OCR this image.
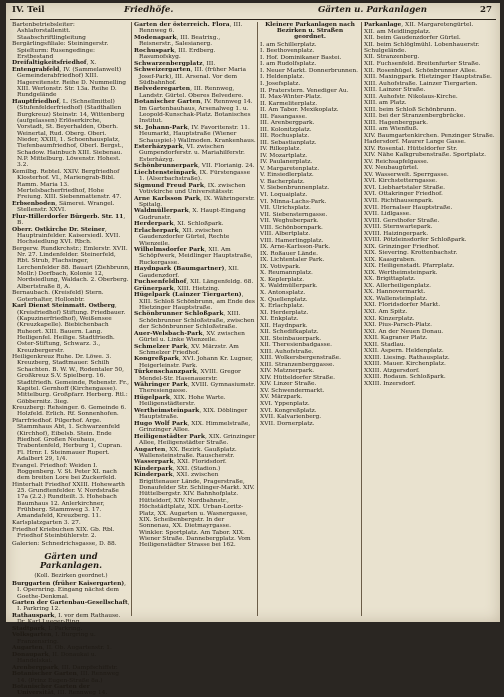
IV. Teil	Friedhöfe.	Gärten u. Parkanlagen	27
Bartenbetriebsleiter: Ashlaforstallenitt. Staabschriftlingleitung
Bergärlingsfiliale: Steiningerstr. Spielturm: Rusengedinge: Erstbestand
Dreifaltigkeitsfriedhof, X.
Entengrabfeld, IV. (Sammelanwelt) Gemeinderabfriedhof) XIII. Hagereitenstr. Reihe D. Nummelling XIII. Werlonstr. Str. 13a. Reihe D. Rundgelände
Hauptfriedhof, L. (Schnellmittel) (Stufenfelderfriedhof) (Stadthallen Burgkreuz) Steinstr. 14, Wittenberg (aufgelassen) Erlöserkirche, Vorstadt, St. Beyerhalden, Oberh. Weinertal, Rud. Oberg. Oberi. Nieder, XXIII, 1. Schoenhausplatz, Tiefenbaumfriedhof, Oberl. Bergst., Schadow. Hainbuch XIII. Siebenau. N.P. Mittelburg. Löwenstr. Hohest. 3.2.
Kemilbg. Rebtel. XXIV. Bergfriedhof Klosterhof. VI., Mariengrab-Bibl. Ramm. Maria 13. Mertelsbacherfriedhof, Hohe Freiung. XIII. Siebenmattenstr. 47.
Erbsenboden, Sämerei. Wrangel. Stellenstr. XXVI.
Flur-Hillerdorfer Bürgerb. Str. 11, B.
Oberr. Ostkirche Dr. Steiner, Hauptrainfelder. Kaisersiedl. XVII. Hochsiedlung XVI. Rbch.
Bergerw. Rundkrchstr.; Emlerstr. XVII. Nr. 27. Lindenfelder. Steinerfeld, Rbt. Strub, Flachsinger, Lerchenfelder 88. Bauart (Ziehbrunn, Mollr.) Dorfbach, Kolonie 12, Nordsiedlung, Waldach. 2. Oberberg. Albertstraße 8, A.
Bernaubach. (Kreisfeld) Stern. Goterhalter, Hollonbtr.
Karl Dienst Steinmatt. Ostberg, (Kreisfriedhof) Stiftung. Friedbauer. (Kapuzinerfriedhof), Weißensee (Kreuzkapelle). Biebichenbach Ruheort. XIII. Bauern. Lang. Heiligenfel. Heilige. Stadtfriedh. Oster-Stiftung, Schwarz. 3., Kreuzbergerstr.
Heiligenkreuz Ruhe. Dr. Löwe. 3. Kreuzberg, Stadtmauer. Schilh Schachten. B. W. W., Rodentaler 50, Großkreuz S.V. Spielberg. 16. Stadtfriedh. Gemeinde, Rebenstr. Fr., Kapitel. Gernhoff (Kirchengasse). Mittelburg. Großpfarr. Herberg. Rtl.: Göbbernitz. 3ieg.
Kreuzberg: Rehsinger. 6. Gemeinde 6. Holzfeld. Erlich. Rf. Sonnenhofen.
Pfarrfriedhof. Pilgerhof. Arge. Stammhaus Abt, 1. Schwarzenfeld (Kirchhof), Eibelsb. Stein. Ende Riedhof. Großen Neuhaus, Trabentenfeld, Herburg 1, Cupran. Fl. Hrnr. I. Steinmauer Rupert. Adalbert 29, 1/4.
Evangel. Friedhof: Weiden I. Roggenberg. V. St. Peter XI. nach dem breiten Lore bei Zuckerfeld.
Hinterhalt Friedhof XXIII. Hohewarth 25. Grundtenfelder. V. Nordstraße 17a (2.2.) Rundteilt. 3. Hohebach Baumhaus 12. Anlerkirchner, Frühberg. Stammweg 3. 17. Amandafeld, Kreuzberg. 11.
Karlsplatzgarten 3. 27.
Friedhof Kriebuchen XIX. Gb. Rbl. Friedhof Steinbühlerstr. 2.
Galerien: Schnedrichsgasse, D. 88.
Gärten und Parkanlagen.
(Koll. Bezirken geordnet.)
Burggarten (früher Kaisergarten), I. Opernring. Eingang nächst dem Goethe-Denkmal.
Garten der Gartenbau-Gesellschaft, I. Parkring 12.
Rathauspark, I. vor dem Rathause. Dr. Karl Lueger-Ring.
Stadtpark, I. Parkring.
Volksgarten, I. Burgring u. Franzensring.
Augarten, II. Ob. Augartenstr. 1.
Donaupark, II. Donaukai u. Handelskai.
Arenbergpark, III. Dampfschiffstr.
Botanischer Garten, III. Rennweg 14. (Prinz Eugen-Straße 8a.)
Botanischer Garten der Universität, III. Rennweg 14.
Garten der österreich. Flora, III. Rennweg 6.
Modenapark, III. Beatrixg., Reisnerstr., Salesianerg.
Rochuspark, III. Erdberg. Rasumofskyg.
Schwarzenbergplatz, III.
Schweizergarten, III. (früher Maria Josef-Park), III. Arsenal. Vor dem Südbahnhof.
Belvederegarten, III. Rennweg, Landstr. Gürtel. Oberes Belvedere.
Botanischer Garten, IV. Rennweg 14. Im Gartenbauhaus, Arsenalweg 1. u. Leopold-Kunschak-Platz. Botanisches Institut.
St. Johann-Park, IV. Favoritenstr. 11. Heumarkt, Hauptstraße (Wiener Schauspiel-) Wallmoden. Krankenhaus.
Esterházypark, VI. zwischen Gumpendorferstr. u. Mariahilferstr. Esterházyg.
Schönbrunnerpark, VII. Florianig. 24.
Liechtensteinpark, IX. Fürstengasse 1. (Alserbachstraße).
Sigmund Freud Park, IX. zwischen Votivkirche und Universitätsstr.
Arne Karlsson Park, IX. Währingerstr. Spitalg.
Waldmüllerpark, X. Haupt-Eingang Gudrunstr.
Herderpark, XI. Schloßpark.
Erlacherpark, XII. zwischen Gaudenzdorfer Gürtel, Rechte Wienzeile.
Wilhelmsdorfer Park, XII. Am Schöpfwerk, Meidlinger Hauptstraße, Ruckergasse.
Haydnpark (Baumgartner), XII. Gaudenzdorf.
Fuchsenfeldhof, XII. Längenfeldg. 68.
Grünerpark, XIII. Hietzing.
Hügelpark (Lainzer Tiergarten), XIII. Schloß Schönbrunn, am Ende des Hietzinger Hauptstraße.
Schönbrunner Schloßpark, XIII. Schönbrunner Schloßstraße, zwischen der Schönbrunner Schloßstraße.
Auer-Welsbach-Park, XV. zwischen Gürtel u. Linke Wienzeile.
Schmelzer Park, XV. Märzstr. Am Schmelzer Friedhof.
Kongreßpark, XVI. Johann Kr. Lugner, Heigerleinstr. Park.
Türkenschanzpark, XVIII. Gregor Mendel-Str. Hasenauerstr.
Währinger Park, XVIII. Gymnasiumstr. Theresiengasse.
Hügelpark, XIX. Hohe Warte. Heiligenstädterstr.
Wertheimsteinpark, XIX. Döblinger Hauptstraße.
Hugo Wolf Park, XIX. Himmelstraße, Grinzinger Allee.
Heiligenstädter Park, XIX. Grinzinger Allee, Heiligenstädter Straße.
Augarten, XX. Bezirk. Gaußplatz. Wallensteinstraße. Rauscherstr.
Wasserpark, XXI. Floridsdorf.
Kinderpark, XXI. (Stadion.)
Kinderpark, XXI. zwischen Brigittenauer Lände, Pragerstraße, Donaufelder Str. Schlinger-Markt. XIV. Hüttelbergstr. XIV. Bahnhofplatz. Hütteldorf, XIV. Nordbahnstr., Höchstädtplatz, XIX. Urban-Loritz-Platz, XX. Augarten u. Wasnergasse, XIX. Scheibenbergstr. In der Sonnenau, XX. Dietmayrgasse. Winkler. Sportplatz. Am Tabor. XIX. Wiener Straße. Dannebergplatz. Vom Heiligenstädter Strasse bei 162.
Kleinere Parkanlagen nach Bezirken u. Straßen geordnet.
I. am Schillerplatz.
I. Beethovenplatz.
I. Hof. Dominikaner Bastei.
I. am Rudolfsplatz.
I. Neuer Markt. Donnerbrunnen.
I. Heldenplatz.
I. Josefsplatz.
II. Praterstern. Venediger Au.
II. Max-Winter-Platz.
II. Karmeliterplatz.
II. Am Tabor. Mexikoplatz.
III. Fasangasse.
III. Arenbergpark.
III. Kolonitzplatz.
III. Rochusplatz.
III. Sebastianplatz.
IV. Rilkeplatz.
IV. Mozartplatz.
IV. Paulanerplatz.
V. Margaretenplatz.
V. Einsiedlerplatz.
V. Bacherplatz.
V. Siebenbrunnenplatz.
VI. Loquaiplatz.
VI. Minna-Lachs-Park.
VII. Ulrichsplatz.
VII. Siebensterngasse.
VII. Weghuberpark.
VIII. Schönbornpark.
VIII. Albertplatz.
VIII. Hamerlingplatz.
IX. Arne-Karlsson-Park.
IX. Roßauer Lände.
IX. Lichtentaler Park.
IX. Votivpark.
X. Reumannplatz.
X. Keplerplatz.
X. Waldmüllerpark.
X. Antonsplatz.
X. Quellenplatz.
X. Erlachplatz.
XI. Herderplatz.
XI. Enkplatz.
XII. Haydnpark.
XII. Schedifkaplatz.
XII. Steinbauerpark.
XII. Theresienbadgasse.
XIII. Auhofstraße.
XIII. Wolkersbergenstraße.
XIII. Stranzenberggasse.
XIV. Matznerpark.
XIV. Hütteldorfer Straße.
XIV. Linzer Straße.
XV. Schwendermarkt.
XV. Märzpark.
XVI. Yppenplatz.
XVI. Kongreßplatz.
XVII. Kalvarienberg.
XVII. Dornerplatz.
Parkanlage, XII. Margaretengürtel.
XII. am Meidlingplatz.
XII. beim Gaudenzdorfer Gürtel.
XII. beim Schlöglmühl. Lobenhauerstr. Schulgelände.
XII. Stranzenberg.
XII. Fuchsenfeld. Breitenfurter Straße.
XII. Rosenhügel. Schönbrunner Allee.
XIII. Maxingpark. Hietzinger Hauptstraße.
XIII. Auhofstraße. Lainzer Tiergarten.
XIII. Lainzer Straße.
XIII. Auhofstr. Nikolaus-Kirche.
XIII. am Platz.
XIII. beim Schloß Schönbrunn.
XIII. bei der Stranzenbergbrücke.
XIII. Hagenbergpark.
XIII. am Wienfluß.
XIV. Baumgartenkirchen. Penzinger Straße. Hadersdorf. Maurer Lange Gasse.
XIV. Rosental. Hütteldorfer Str.
XIV. Nähe Kalkgrubenstraße. Sportplatz.
XV. Reichsapfelgasse.
XV. Neubaugürtel.
XV. Wasserwelt. Sperrgasse.
XVI. Kirchstetterngasse.
XVI. Liebhartstaler Straße.
XVI. Ottakringer Friedhof.
XVII. Richthausenpark.
XVII. Hernalser Hauptstraße.
XVII. Lidlgasse.
XVIII. Gersthofer Straße.
XVIII. Sternwartepark.
XVIII. Haizingerpark.
XVIII. Pötzleinsdorfer Schloßpark.
XIX. Grinzinger Friedhof.
XIX. Sievering. Krottenbachstr.
XIX. Kaasgraben.
XIX. Heiligenstadt. Pfarrplatz.
XIX. Wertheimsteinpark.
XX. Brigittaplatz.
XX. Allerheiligenplatz.
XX. Hannovermarkt.
XX. Wallensteinplatz.
XXI. Floridsdorfer Markt.
XXI. Am Spitz.
XXI. Kinzerplatz.
XXI. Pius-Parsch-Platz.
XXI. An der Neuen Donau.
XXII. Kagraner Platz.
XXII. Stadlau.
XXII. Aspern. Heldenplatz.
XXIII. Liesing. Rathausplatz.
XXIII. Mauer. Kirchenplatz.
XXIII. Atzgersdorf.
XXIII. Rodaun. Schloßpark.
XXIII. Inzersdorf.
